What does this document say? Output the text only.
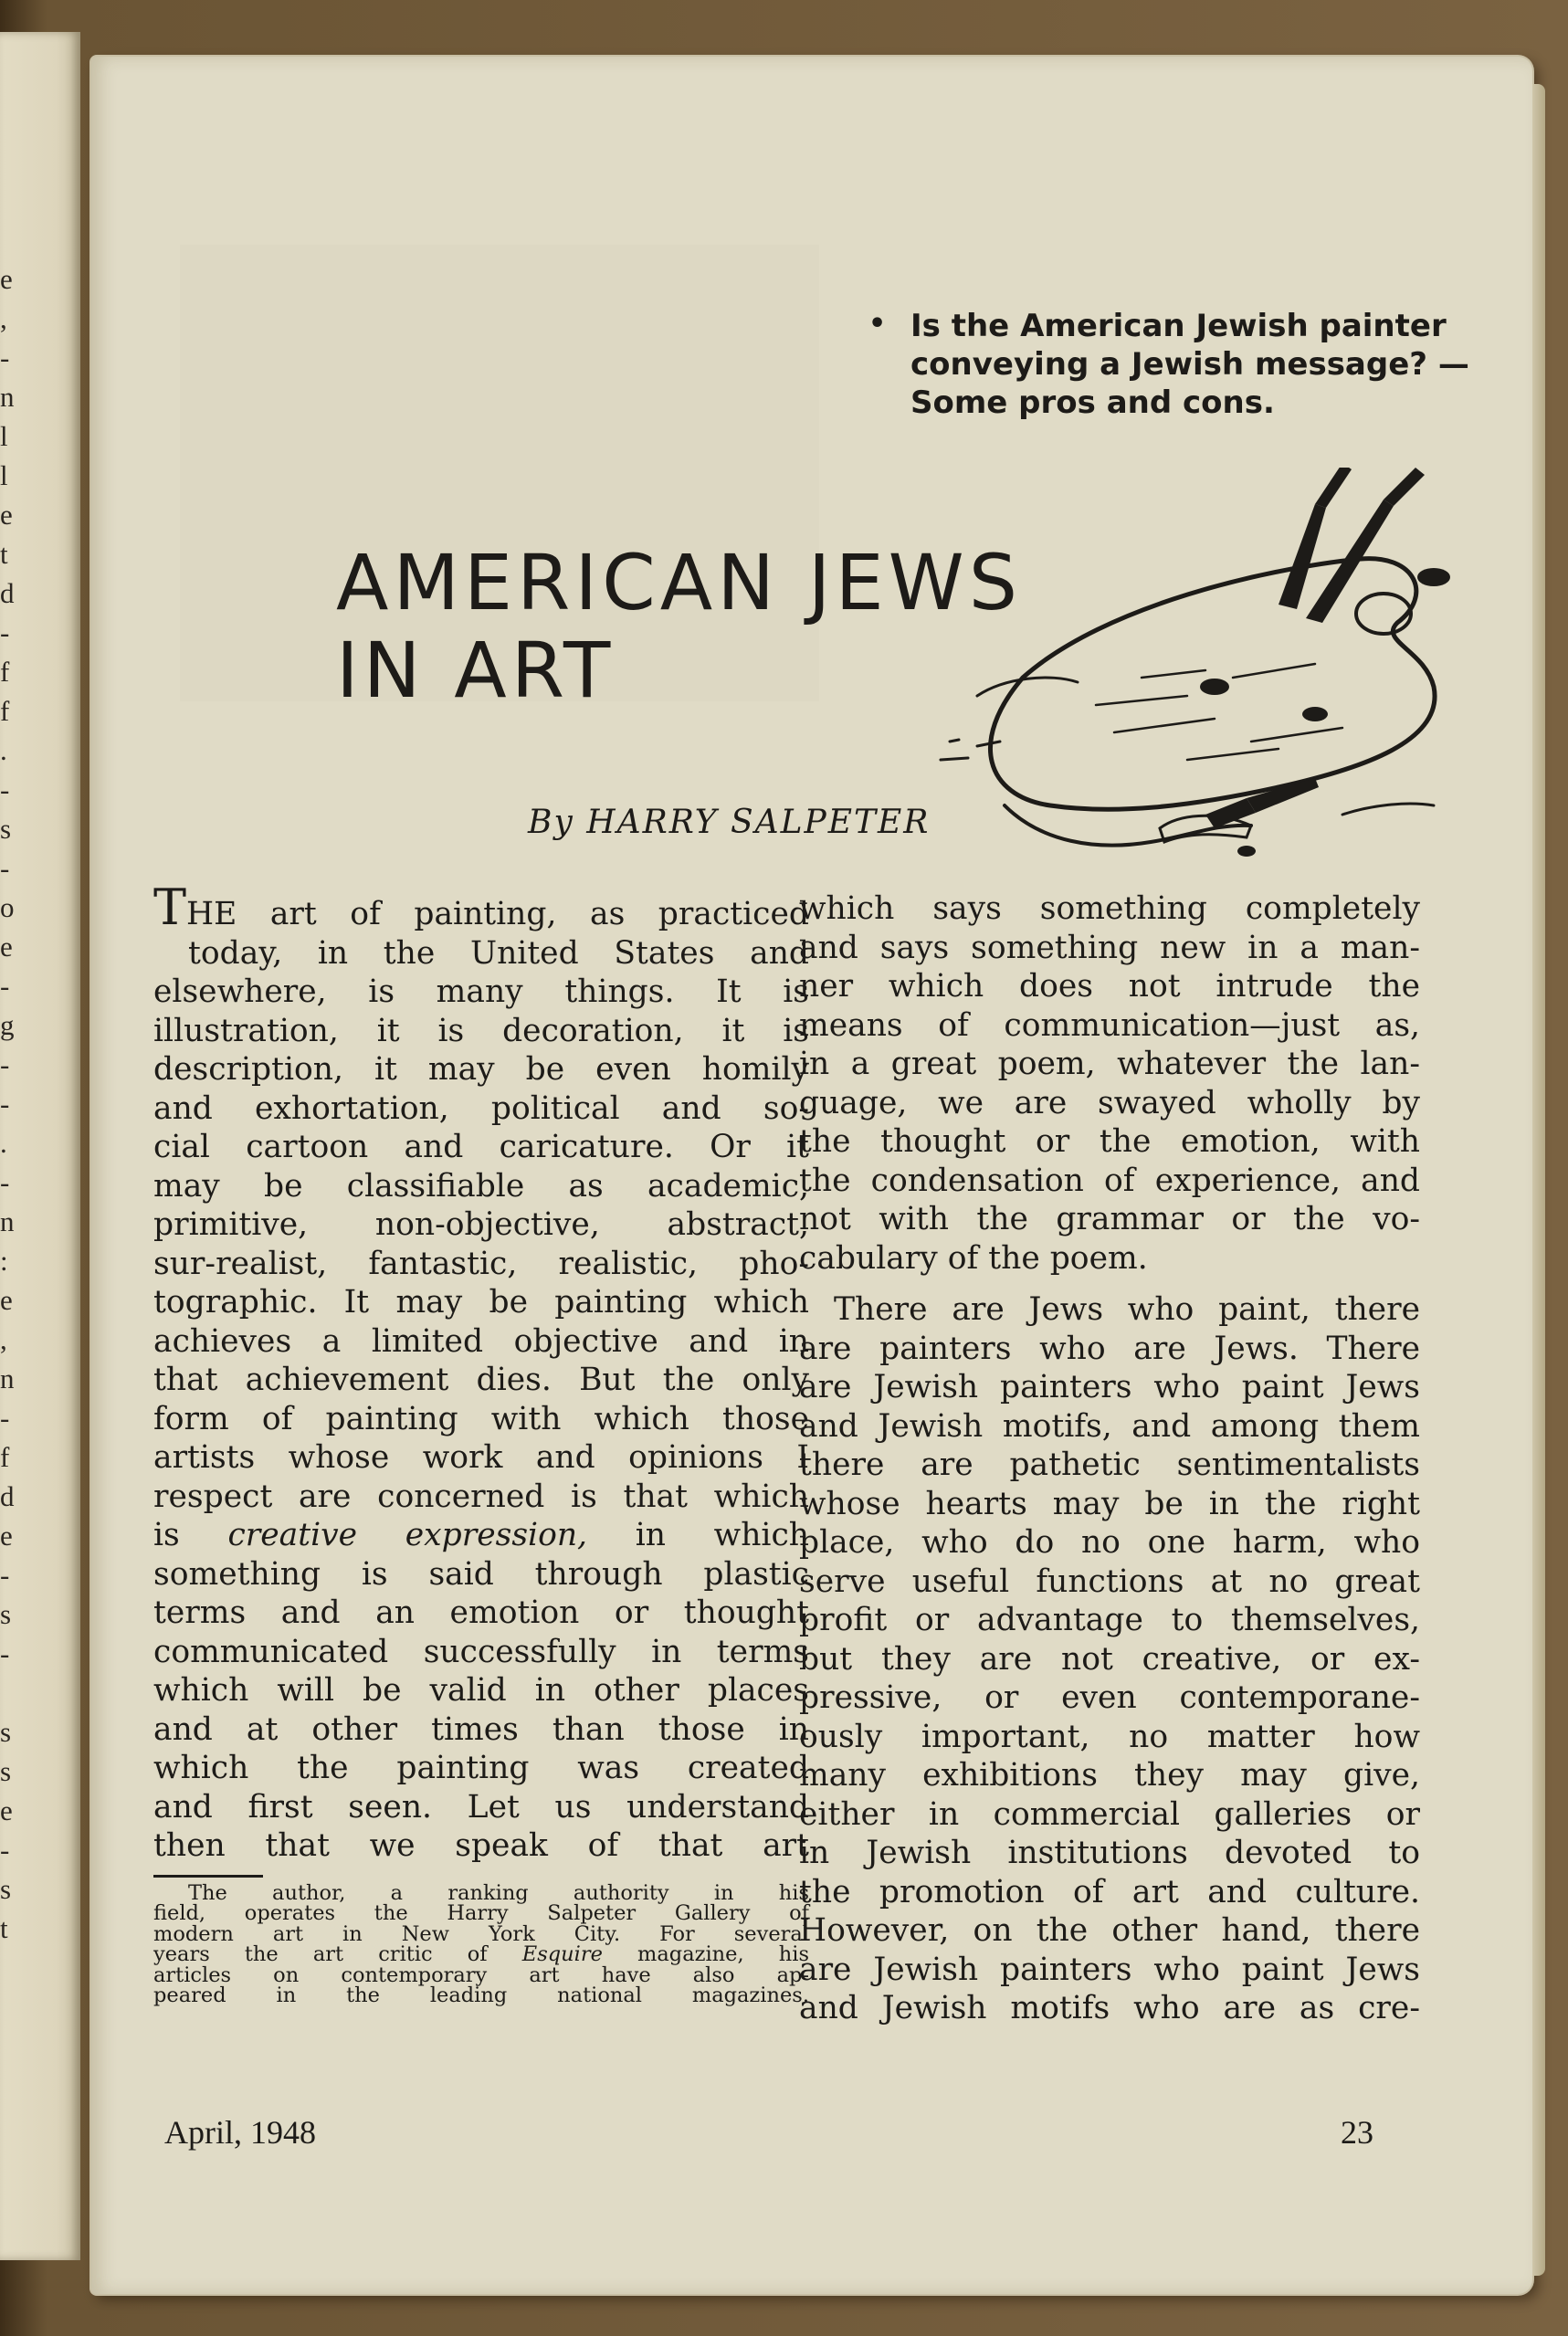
e
,
-
n
l
l
e
t
d
-
f
f
.
-
s
-
o
e
-
g
-
-
.
-
n
:
e
,
n
-
f
d
e
-
s
-
s
s
e
-
s
t
• Is the American Jewish painter
conveying a Jewish message? —
Some pros and cons.
AMERICAN JEWS
IN ART
By HARRY SALPETER
THE art of painting, as practiced
today, in the United States and
elsewhere, is many things. It is
illustration, it is decoration, it is
description, it may be even homily
and exhortation, political and so-
cial cartoon and caricature. Or it
may be classifiable as academic,
primitive, non-objective, abstract,
sur-realist, fantastic, realistic, pho-
tographic. It may be painting which
achieves a limited objective and in
that achievement dies. But the only
form of painting with which those
artists whose work and opinions I
respect are concerned is that which
is creative expression, in which
something is said through plastic
terms and an emotion or thought
communicated successfully in terms
which will be valid in other places
and at other times than those in
which the painting was created
and first seen. Let us understand
then that we speak of that art
The author, a ranking authority in his
field, operates the Harry Salpeter Gallery of
modern art in New York City. For several
years the art critic of Esquire magazine, his
articles on contemporary art have also ap-
peared in the leading national magazines.
which says something completely
and says something new in a man-
ner which does not intrude the
means of communication—just as,
in a great poem, whatever the lan-
guage, we are swayed wholly by
the thought or the emotion, with
the condensation of experience, and
not with the grammar or the vo-
cabulary of the poem.
There are Jews who paint, there
are painters who are Jews. There
are Jewish painters who paint Jews
and Jewish motifs, and among them
there are pathetic sentimentalists
whose hearts may be in the right
place, who do no one harm, who
serve useful functions at no great
profit or advantage to themselves,
but they are not creative, or ex-
pressive, or even contemporane-
ously important, no matter how
many exhibitions they may give,
either in commercial galleries or
in Jewish institutions devoted to
the promotion of art and culture.
However, on the other hand, there
are Jewish painters who paint Jews
and Jewish motifs who are as cre-
April, 1948	23
